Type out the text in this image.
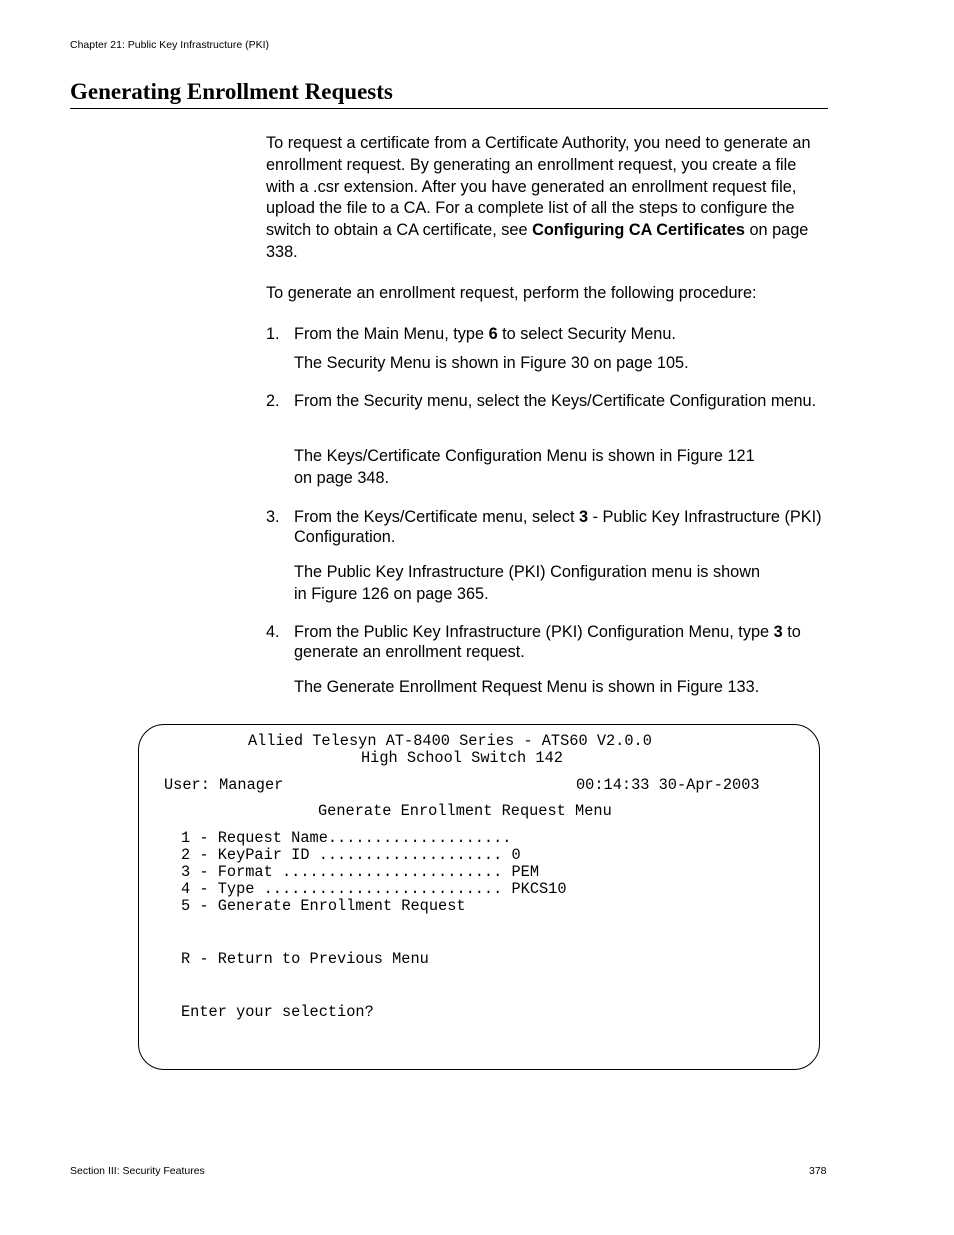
Chapter 21: Public Key Infrastructure (PKI)
Generating Enrollment Requests
To request a certificate from a Certificate Authority, you need to generate an enrollment request. By generating an enrollment request, you create a file with a .csr extension. After you have generated an enrollment request file, upload the file to a CA. For a complete list of all the steps to configure the switch to obtain a CA certificate, see Configuring CA Certificates on page 338.
To generate an enrollment request, perform the following procedure:
1. From the Main Menu, type 6 to select Security Menu.
The Security Menu is shown in Figure 30 on page 105.
2. From the Security menu, select the Keys/Certificate Configuration menu.
The Keys/Certificate Configuration Menu is shown in Figure 121
on page 348.
3. From the Keys/Certificate menu, select 3 - Public Key Infrastructure (PKI) Configuration.
The Public Key Infrastructure (PKI) Configuration menu is shown
in Figure 126 on page 365.
4. From the Public Key Infrastructure (PKI) Configuration Menu, type 3 to generate an enrollment request.
The Generate Enrollment Request Menu is shown in Figure 133.
Allied Telesyn AT-8400 Series - ATS60 V2.0.0
High School Switch 142
User: Manager	00:14:33 30-Apr-2003
Generate Enrollment Request Menu
1 - Request Name....................
2 - KeyPair ID .................... 0
3 - Format ........................ PEM
4 - Type .......................... PKCS10
5 - Generate Enrollment Request
R - Return to Previous Menu
Enter your selection?
Section III: Security Features	378
